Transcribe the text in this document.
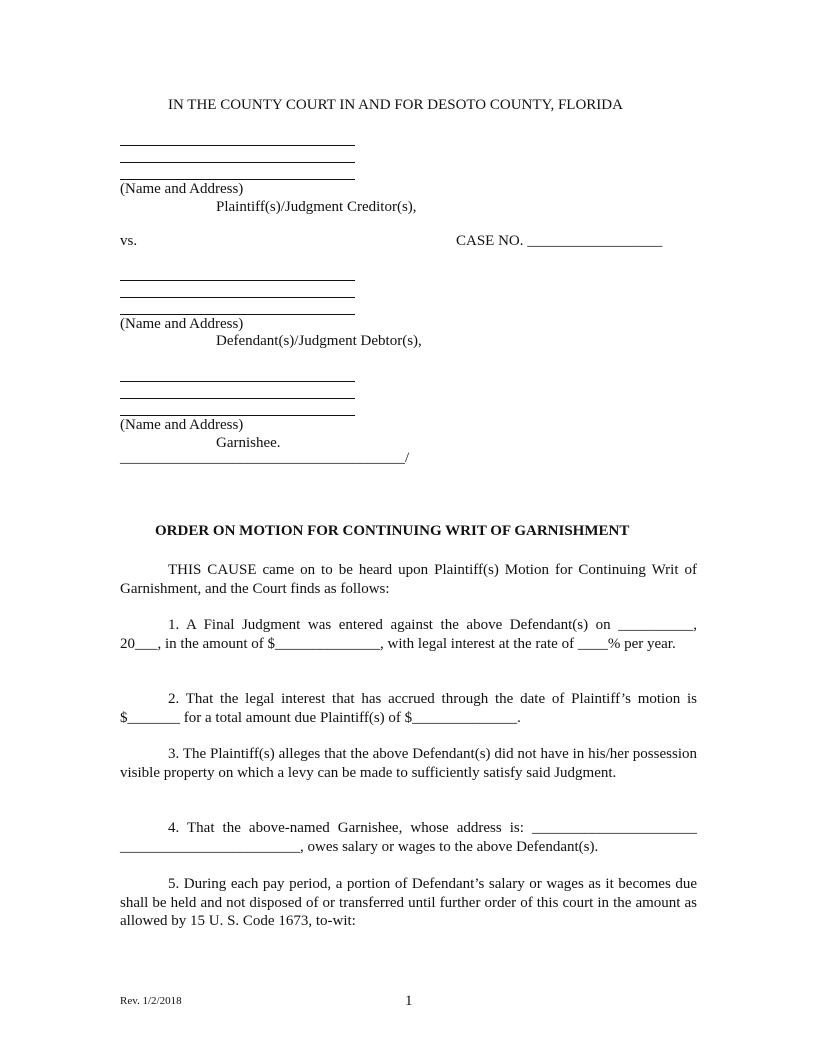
IN THE COUNTY COURT IN AND FOR DESOTO COUNTY, FLORIDA
(Name and Address)
Plaintiff(s)/Judgment Creditor(s),
vs.	CASE NO. __________________
(Name and Address)
Defendant(s)/Judgment Debtor(s),
(Name and Address)
Garnishee.
______________________________________/
ORDER ON MOTION FOR CONTINUING WRIT OF GARNISHMENT

THIS CAUSE came on to be heard upon Plaintiff(s) Motion for Continuing Writ of Garnishment, and the Court finds as follows:

1. A Final Judgment was entered against the above Defendant(s) on __________, 20___, in the amount of $______________, with legal interest at the rate of ____% per year.

2. That the legal interest that has accrued through the date of Plaintiff’s motion is $_______ for a total amount due Plaintiff(s) of $______________.

3. The Plaintiff(s) alleges that the above Defendant(s) did not have in his/her possession visible property on which a levy can be made to sufficiently satisfy said Judgment.

4. That the above-named Garnishee, whose address is: ______________________ ________________________, owes salary or wages to the above Defendant(s).

5. During each pay period, a portion of Defendant’s salary or wages as it becomes due shall be held and not disposed of or transferred until further order of this court in the amount as allowed by 15 U. S. Code 1673, to-wit:

Rev. 1/2/2018	1
